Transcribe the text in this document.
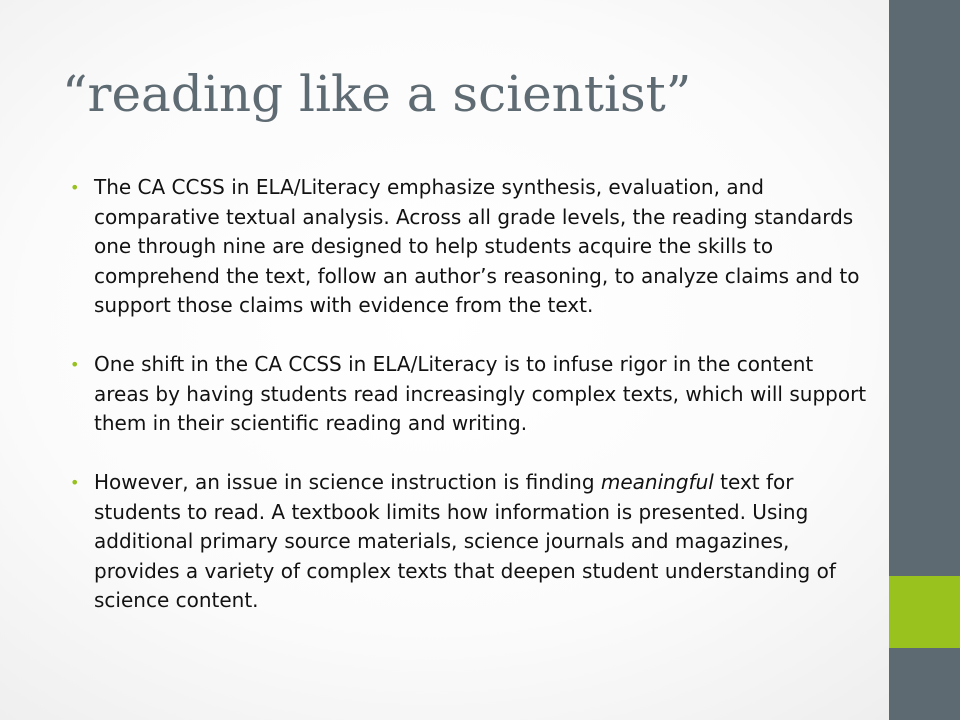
“reading like a scientist”
• The CA CCSS in ELA/Literacy emphasize synthesis, evaluation, and comparative textual analysis. Across all grade levels, the reading standards one through nine are designed to help students acquire the skills to comprehend the text, follow an author’s reasoning, to analyze claims and to support those claims with evidence from the text.
• One shift in the CA CCSS in ELA/Literacy is to infuse rigor in the content areas by having students read increasingly complex texts, which will support them in their scientific reading and writing.
• However, an issue in science instruction is finding meaningful text for students to read. A textbook limits how information is presented. Using additional primary source materials, science journals and magazines, provides a variety of complex texts that deepen student understanding of science content.
